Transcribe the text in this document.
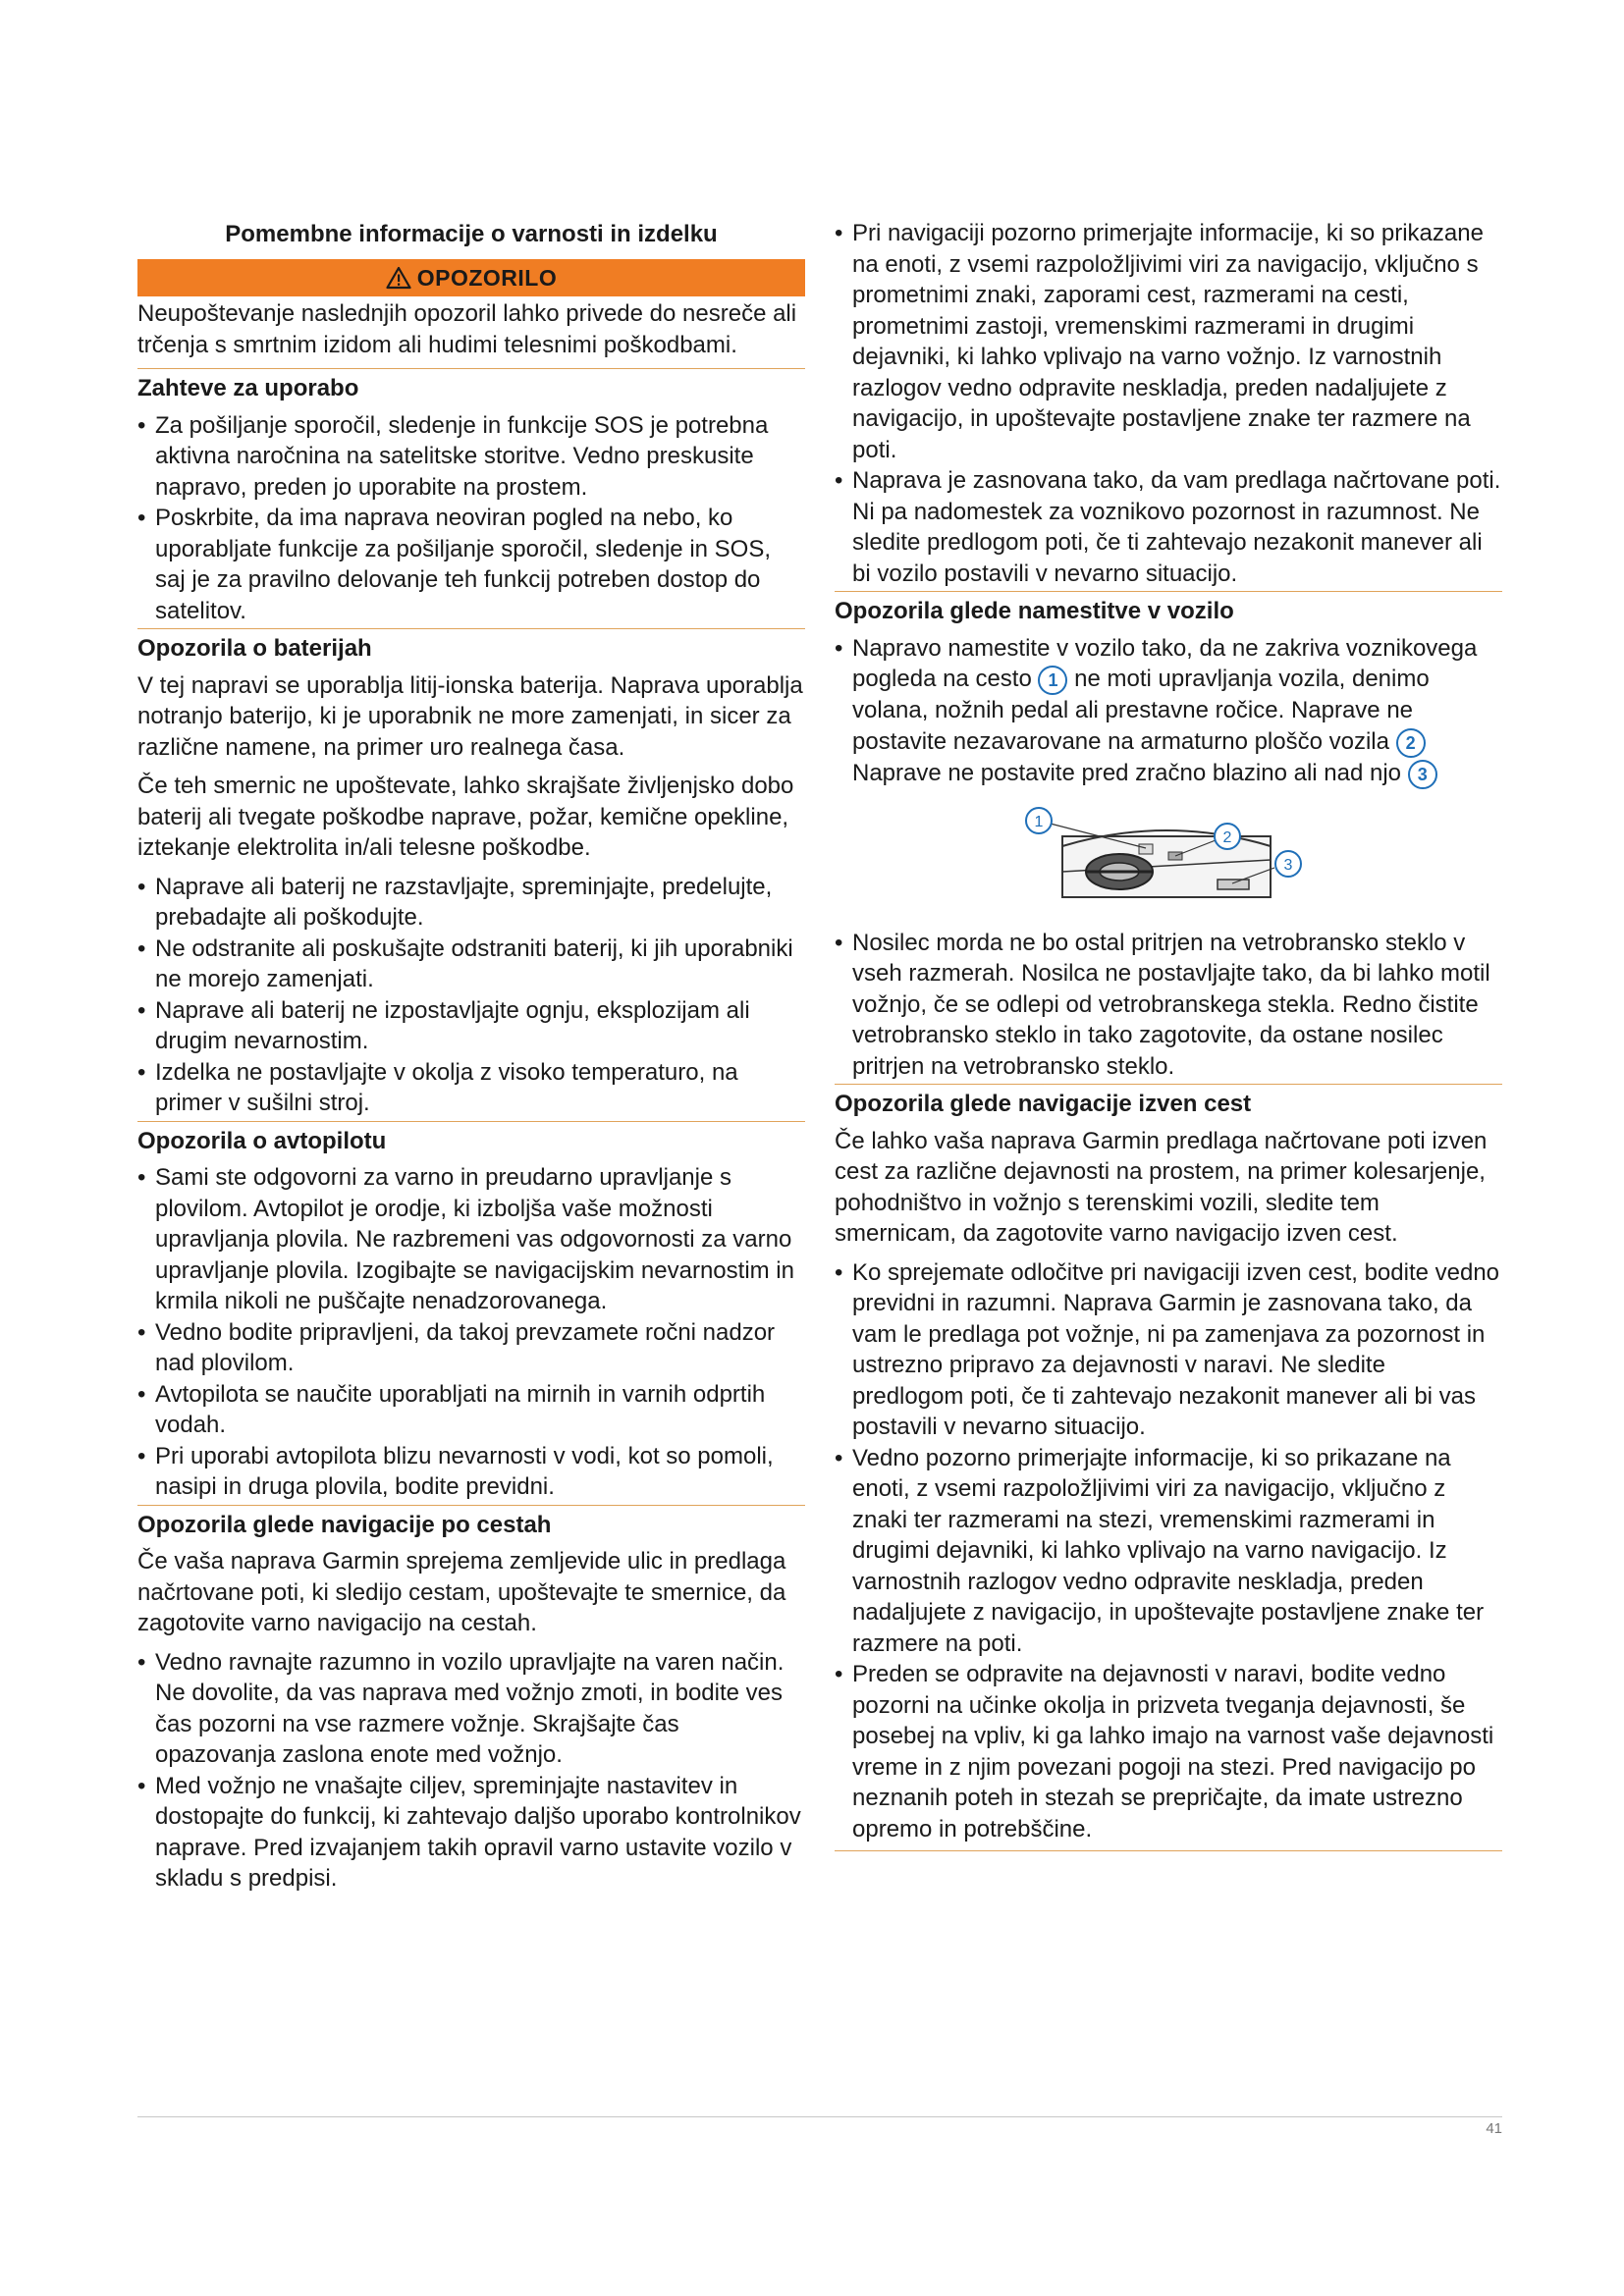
Pomembne informacije o varnosti in izdelku
OPOZORILO

Neupoštevanje naslednjih opozoril lahko privede do nesreče ali trčenja s smrtnim izidom ali hudimi telesnimi poškodbami.

Zahteve za uporabo
• Za pošiljanje sporočil, sledenje in funkcije SOS je potrebna aktivna naročnina na satelitske storitve. Vedno preskusite napravo, preden jo uporabite na prostem.
• Poskrbite, da ima naprava neoviran pogled na nebo, ko uporabljate funkcije za pošiljanje sporočil, sledenje in SOS, saj je za pravilno delovanje teh funkcij potreben dostop do satelitov.
Opozorila o baterijah

V tej napravi se uporablja litij-ionska baterija. Naprava uporablja notranjo baterijo, ki je uporabnik ne more zamenjati, in sicer za različne namene, na primer uro realnega časa.

Če teh smernic ne upoštevate, lahko skrajšate življenjsko dobo baterij ali tvegate poškodbe naprave, požar, kemične opekline, iztekanje elektrolita in/ali telesne poškodbe.

• Naprave ali baterij ne razstavljajte, spreminjajte, predelujte, prebadajte ali poškodujte.
• Ne odstranite ali poskušajte odstraniti baterij, ki jih uporabniki ne morejo zamenjati.
• Naprave ali baterij ne izpostavljajte ognju, eksplozijam ali drugim nevarnostim.
• Izdelka ne postavljajte v okolja z visoko temperaturo, na primer v sušilni stroj.
Opozorila o avtopilotu
• Sami ste odgovorni za varno in preudarno upravljanje s plovilom. Avtopilot je orodje, ki izboljša vaše možnosti upravljanja plovila. Ne razbremeni vas odgovornosti za varno upravljanje plovila. Izogibajte se navigacijskim nevarnostim in krmila nikoli ne puščajte nenadzorovanega.
• Vedno bodite pripravljeni, da takoj prevzamete ročni nadzor nad plovilom.
• Avtopilota se naučite uporabljati na mirnih in varnih odprtih vodah.
• Pri uporabi avtopilota blizu nevarnosti v vodi, kot so pomoli, nasipi in druga plovila, bodite previdni.
Opozorila glede navigacije po cestah

Če vaša naprava Garmin sprejema zemljevide ulic in predlaga načrtovane poti, ki sledijo cestam, upoštevajte te smernice, da zagotovite varno navigacijo na cestah.

• Vedno ravnajte razumno in vozilo upravljajte na varen način. Ne dovolite, da vas naprava med vožnjo zmoti, in bodite ves čas pozorni na vse razmere vožnje. Skrajšajte čas opazovanja zaslona enote med vožnjo.
• Med vožnjo ne vnašajte ciljev, spreminjajte nastavitev in dostopajte do funkcij, ki zahtevajo daljšo uporabo kontrolnikov naprave. Pred izvajanjem takih opravil varno ustavite vozilo v skladu s predpisi.
• Pri navigaciji pozorno primerjajte informacije, ki so prikazane na enoti, z vsemi razpoložljivimi viri za navigacijo, vključno s prometnimi znaki, zaporami cest, razmerami na cesti, prometnimi zastoji, vremenskimi razmerami in drugimi dejavniki, ki lahko vplivajo na varno vožnjo. Iz varnostnih razlogov vedno odpravite neskladja, preden nadaljujete z navigacijo, in upoštevajte postavljene znake ter razmere na poti.
• Naprava je zasnovana tako, da vam predlaga načrtovane poti. Ni pa nadomestek za voznikovo pozornost in razumnost. Ne sledite predlogom poti, če ti zahtevajo nezakonit manever ali bi vozilo postavili v nevarno situacijo.
Opozorila glede namestitve v vozilo
• Napravo namestite v vozilo tako, da ne zakriva voznikovega pogleda na cesto 1 ne moti upravljanja vozila, denimo volana, nožnih pedal ali prestavne ročice. Naprave ne postavite nezavarovane na armaturno ploščo vozila 2 Naprave ne postavite pred zračno blazino ali nad njo 3
1
2
3
• Nosilec morda ne bo ostal pritrjen na vetrobransko steklo v vseh razmerah. Nosilca ne postavljajte tako, da bi lahko motil vožnjo, če se odlepi od vetrobranskega stekla. Redno čistite vetrobransko steklo in tako zagotovite, da ostane nosilec pritrjen na vetrobransko steklo.
Opozorila glede navigacije izven cest

Če lahko vaša naprava Garmin predlaga načrtovane poti izven cest za različne dejavnosti na prostem, na primer kolesarjenje, pohodništvo in vožnjo s terenskimi vozili, sledite tem smernicam, da zagotovite varno navigacijo izven cest.

• Ko sprejemate odločitve pri navigaciji izven cest, bodite vedno previdni in razumni. Naprava Garmin je zasnovana tako, da vam le predlaga pot vožnje, ni pa zamenjava za pozornost in ustrezno pripravo za dejavnosti v naravi. Ne sledite predlogom poti, če ti zahtevajo nezakonit manever ali bi vas postavili v nevarno situacijo.
• Vedno pozorno primerjajte informacije, ki so prikazane na enoti, z vsemi razpoložljivimi viri za navigacijo, vključno z znaki ter razmerami na stezi, vremenskimi razmerami in drugimi dejavniki, ki lahko vplivajo na varno navigacijo. Iz varnostnih razlogov vedno odpravite neskladja, preden nadaljujete z navigacijo, in upoštevajte postavljene znake ter razmere na poti.
• Preden se odpravite na dejavnosti v naravi, bodite vedno pozorni na učinke okolja in prizveta tveganja dejavnosti, še posebej na vpliv, ki ga lahko imajo na varnost vaše dejavnosti vreme in z njim povezani pogoji na stezi. Pred navigacijo po neznanih poteh in stezah se prepričajte, da imate ustrezno opremo in potrebščine.
41
